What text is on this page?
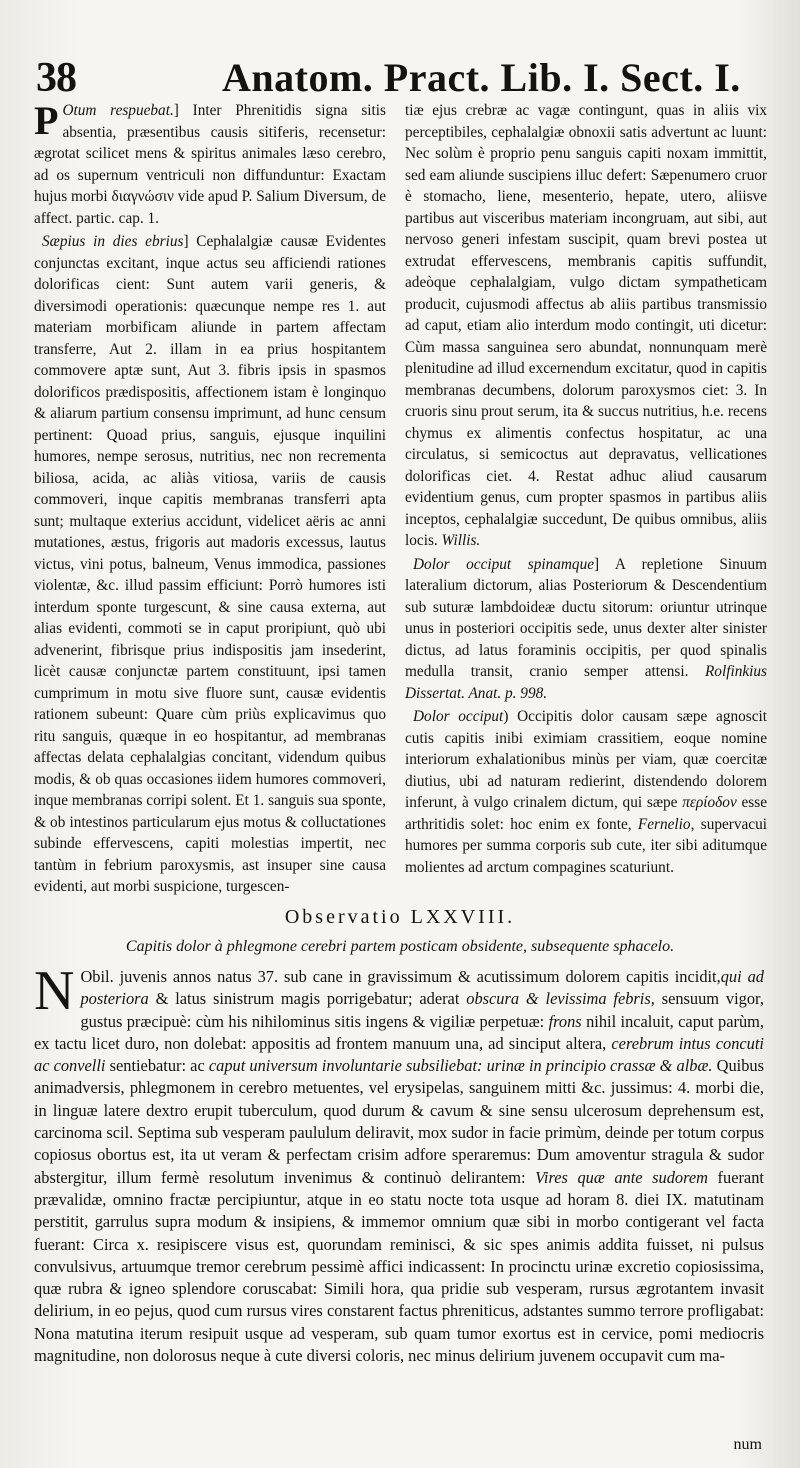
38	Anatom. Pract. Lib. I. Sect. I.

P Otum respuebat.] Inter Phrenitidis signa sitis absentia, præsentibus causis sitiferis, recensetur: ægrotat scilicet mens & spiritus animales læso cerebro, ad os supernum ventriculi non diffunduntur: Exactam hujus morbi διαγνώσιν vide apud P. Salium Diversum, de affect. partic. cap. 1.

Sæpius in dies ebrius] Cephalalgiæ causæ Evidentes conjunctas excitant, inque actus seu afficiendi rationes dolorificas cient: Sunt autem varii generis, & diversimodi operationis: quæcunque nempe res 1. aut materiam morbificam aliunde in partem affectam transferre, Aut 2. illam in ea prius hospitantem commovere aptæ sunt, Aut 3. fibris ipsis in spasmos dolorificos prædispositis, affectionem istam è longinquo & aliarum partium consensu imprimunt, ad hunc censum pertinent: Quoad prius, sanguis, ejusque inquilini humores, nempe serosus, nutritius, nec non recrementa biliosa, acida, ac aliàs vitiosa, variis de causis commoveri, inque capitis membranas transferri apta sunt; multaque exterius accidunt, videlicet aëris ac anni mutationes, æstus, frigoris aut madoris excessus, lautus victus, vini potus, balneum, Venus immodica, passiones violentæ, &c. illud passim efficiunt: Porrò humores isti interdum sponte turgescunt, & sine causa externa, aut alias evidenti, commoti se in caput proripiunt, quò ubi advenerint, fibrisque prius indispositis jam insederint, licèt causæ conjunctæ partem constituunt, ipsi tamen cumprimum in motu sive fluore sunt, causæ evidentis rationem subeunt: Quare cùm priùs explicavimus quo ritu sanguis, quæque in eo hospitantur, ad membranas affectas delata cephalalgias concitant, videndum quibus modis, & ob quas occasiones iidem humores commoveri, inque membranas corripi solent. Et 1. sanguis sua sponte, & ob intestinos particularum ejus motus & colluctationes subinde effervescens, capiti molestias impertit, nec tantùm in febrium paroxysmis, ast insuper sine causa evidenti, aut morbi suspicione, turgescen-

tiæ ejus crebræ ac vagæ contingunt, quas in aliis vix perceptibiles, cephalalgiæ obnoxii satis advertunt ac luunt: Nec solùm è proprio penu sanguis capiti noxam immittit, sed eam aliunde suscipiens illuc defert: Sæpenumero cruor è stomacho, liene, mesenterio, hepate, utero, aliisve partibus aut visceribus materiam incongruam, aut sibi, aut nervoso generi infestam suscipit, quam brevi postea ut extrudat effervescens, membranis capitis suffundit, adeòque cephalalgiam, vulgo dictam sympatheticam producit, cujusmodi affectus ab aliis partibus transmissio ad caput, etiam alio interdum modo contingit, uti dicetur: Cùm massa sanguinea sero abundat, nonnunquam merè plenitudine ad illud excernendum excitatur, quod in capitis membranas decumbens, dolorum paroxysmos ciet: 3. In cruoris sinu prout serum, ita & succus nutritius, h.e. recens chymus ex alimentis confectus hospitatur, ac una circulatus, si semicoctus aut depravatus, vellicationes dolorificas ciet. 4. Restat adhuc aliud causarum evidentium genus, cum propter spasmos in partibus aliis inceptos, cephalalgiæ succedunt, De quibus omnibus, aliis locis. Willis.

Dolor occiput spinamque] A repletione Sinuum lateralium dictorum, alias Posteriorum & Descendentium sub suturæ lambdoideæ ductu sitorum: oriuntur utrinque unus in posteriori occipitis sede, unus dexter alter sinister dictus, ad latus foraminis occipitis, per quod spinalis medulla transit, cranio semper attensi. Rolfinkius Dissertat. Anat. p. 998.

Dolor occiput) Occipitis dolor causam sæpe agnoscit cutis capitis inibi eximiam crassitiem, eoque nomine interiorum exhalationibus minùs per viam, quæ coercitæ diutius, ubi ad naturam redierint, distendendo dolorem inferunt, à vulgo crinalem dictum, qui sæpe περίοδον esse arthritidis solet: hoc enim ex fonte, Fernelio, supervacui humores per summa corporis sub cute, iter sibi aditumque molientes ad arctum compagines scaturiunt.

Observatio LXXVIII.
Capitis dolor à phlegmone cerebri partem posticam obsidente, subsequente sphacelo.
N Obil. juvenis annos natus 37. sub cane in gravissimum & acutissimum dolorem capitis incidit,qui ad posteriora & latus sinistrum magis porrigebatur; aderat obscura & levissima febris, sensuum vigor, gustus præcipuè: cùm his nihilominus sitis ingens & vigiliæ perpetuæ: frons nihil incaluit, caput parùm, ex tactu licet duro, non dolebat: appositis ad frontem manuum una, ad sinciput altera, cerebrum intus concuti ac convelli sentiebatur: ac caput universum involuntarie subsiliebat: urinæ in principio crassæ & albæ. Quibus animadversis, phlegmonem in cerebro metuentes, vel erysipelas, sanguinem mitti &c. jussimus: 4. morbi die, in linguæ latere dextro erupit tuberculum, quod durum & cavum & sine sensu ulcerosum deprehensum est, carcinoma scil. Septima sub vesperam paululum deliravit, mox sudor in facie primùm, deinde per totum corpus copiosus obortus est, ita ut veram & perfectam crisim adfore speraremus: Dum amoventur stragula & sudor abstergitur, illum fermè resolutum invenimus & continuò delirantem: Vires quæ ante sudorem fuerant prævalidæ, omnino fractæ percipiuntur, atque in eo statu nocte tota usque ad horam 8. diei IX. matutinam perstitit, garrulus supra modum & insipiens, & immemor omnium quæ sibi in morbo contigerant vel facta fuerant: Circa x. resipiscere visus est, quorundam reminisci, & sic spes animis addita fuisset, ni pulsus convulsivus, artuumque tremor cerebrum pessimè affici indicassent: In procinctu urinæ excretio copiosissima, quæ rubra & igneo splendore coruscabat: Simili hora, qua pridie sub vesperam, rursus ægrotantem invasit delirium, in eo pejus, quod cum rursus vires constarent factus phreniticus, adstantes summo terrore profligabat: Nona matutina iterum resipuit usque ad vesperam, sub quam tumor exortus est in cervice, pomi mediocris magnitudine, non dolorosus neque à cute diversi coloris, nec minus delirium juvenem occupavit cum ma-
num
